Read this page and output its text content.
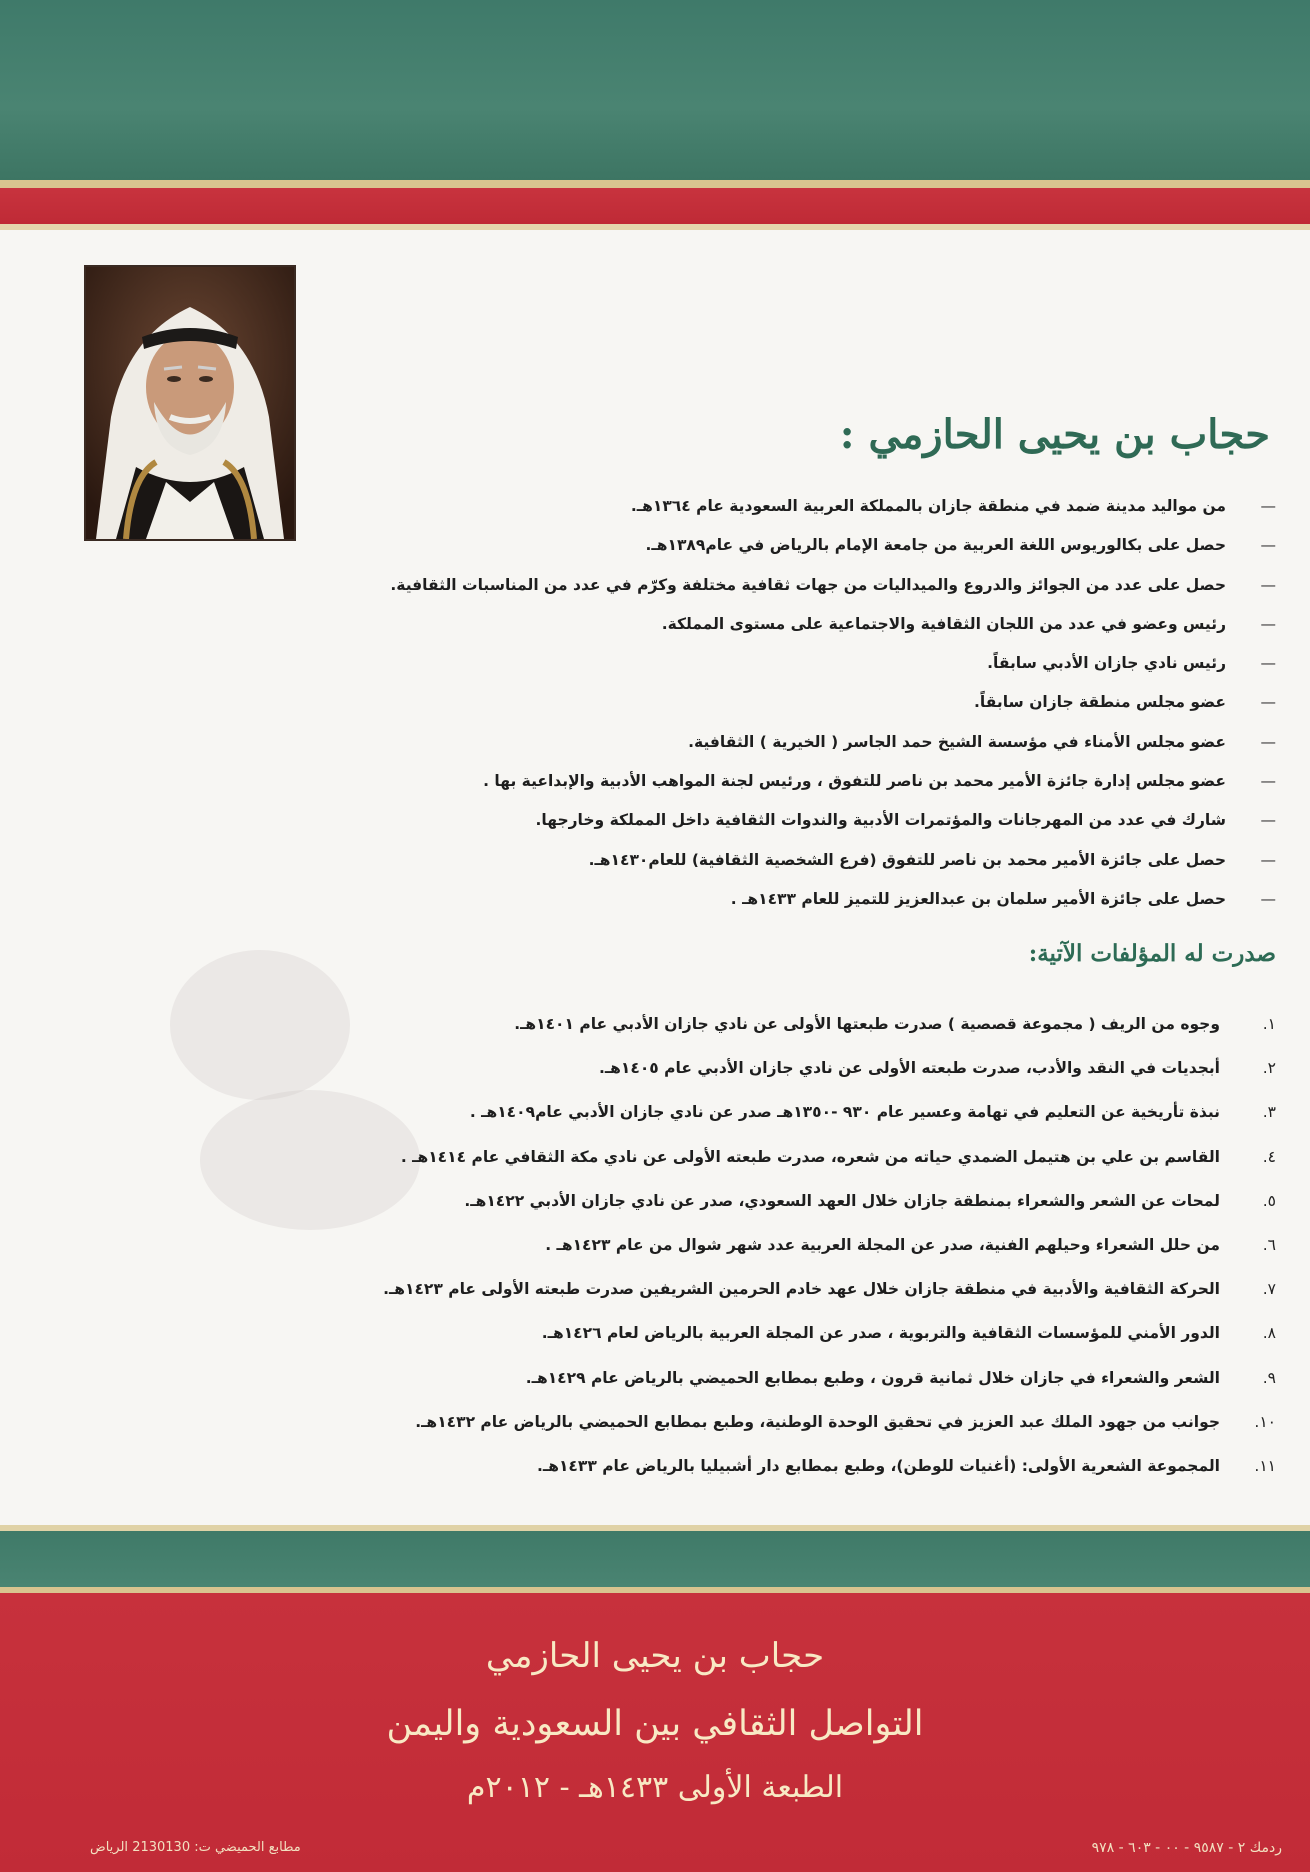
حجاب بن يحيى الحازمي :
—من مواليد مدينة ضمد في منطقة جازان بالمملكة العربية السعودية عام ١٣٦٤هـ.
—حصل على بكالوريوس اللغة العربية من جامعة الإمام بالرياض في عام١٣٨٩هـ.
—حصل على عدد من الجوائز والدروع والميداليات من جهات ثقافية مختلفة وكرّم في عدد من المناسبات الثقافية.
—رئيس وعضو في عدد من اللجان الثقافية والاجتماعية على مستوى المملكة.
—رئيس نادي جازان الأدبي سابقاً.
—عضو مجلس منطقة جازان سابقاً.
—عضو مجلس الأمناء في مؤسسة الشيخ حمد الجاسر ( الخيرية ) الثقافية.
—عضو مجلس إدارة جائزة الأمير محمد بن ناصر للتفوق ، ورئيس لجنة المواهب الأدبية والإبداعية بها .
—شارك في عدد من المهرجانات والمؤتمرات الأدبية والندوات الثقافية داخل المملكة وخارجها.
—حصل على جائزة الأمير محمد بن ناصر للتفوق (فرع الشخصية الثقافية) للعام١٤٣٠هـ.
—حصل على جائزة الأمير سلمان بن عبدالعزيز للتميز للعام ١٤٣٣هـ .
صدرت له المؤلفات الآتية:
١.وجوه من الريف ( مجموعة قصصية ) صدرت طبعتها الأولى عن نادي جازان الأدبي عام ١٤٠١هـ.
٢.أبجديات في النقد والأدب، صدرت طبعته الأولى عن نادي جازان الأدبي عام ١٤٠٥هـ.
٣.نبذة تأريخية عن التعليم في تهامة وعسير عام ٩٣٠ -١٣٥٠هـ صدر عن نادي جازان الأدبي عام١٤٠٩هـ .
٤.القاسم بن علي بن هتيمل الضمدي حياته من شعره، صدرت طبعته الأولى عن نادي مكة الثقافي عام ١٤١٤هـ .
٥.لمحات عن الشعر والشعراء بمنطقة جازان خلال العهد السعودي، صدر عن نادي جازان الأدبي ١٤٢٢هـ.
٦.من حلل الشعراء وحيلهم الفنية، صدر عن المجلة العربية عدد شهر شوال من عام ١٤٢٣هـ .
٧.الحركة الثقافية والأدبية في منطقة جازان خلال عهد خادم الحرمين الشريفين صدرت طبعته الأولى عام ١٤٢٣هـ.
٨.الدور الأمني للمؤسسات الثقافية والتربوية ، صدر عن المجلة العربية بالرياض لعام ١٤٢٦هـ.
٩.الشعر والشعراء في جازان خلال ثمانية قرون ، وطبع بمطابع الحميضي بالرياض عام ١٤٢٩هـ.
١٠.جوانب من جهود الملك عبد العزيز في تحقيق الوحدة الوطنية، وطبع بمطابع الحميضي بالرياض عام ١٤٣٢هـ.
١١.المجموعة الشعرية الأولى: (أغنيات للوطن)، وطبع بمطابع دار أشبيليا بالرياض عام ١٤٣٣هـ.
حجاب بن يحيى الحازمي
التواصل الثقافي بين السعودية واليمن
الطبعة الأولى ١٤٣٣هـ - ٢٠١٢م
ردمك ٢ - ٩٥٨٧ - ٠٠ - ٦٠٣ - ٩٧٨
مطابع الحميضي ت: 2130130 الرياض
